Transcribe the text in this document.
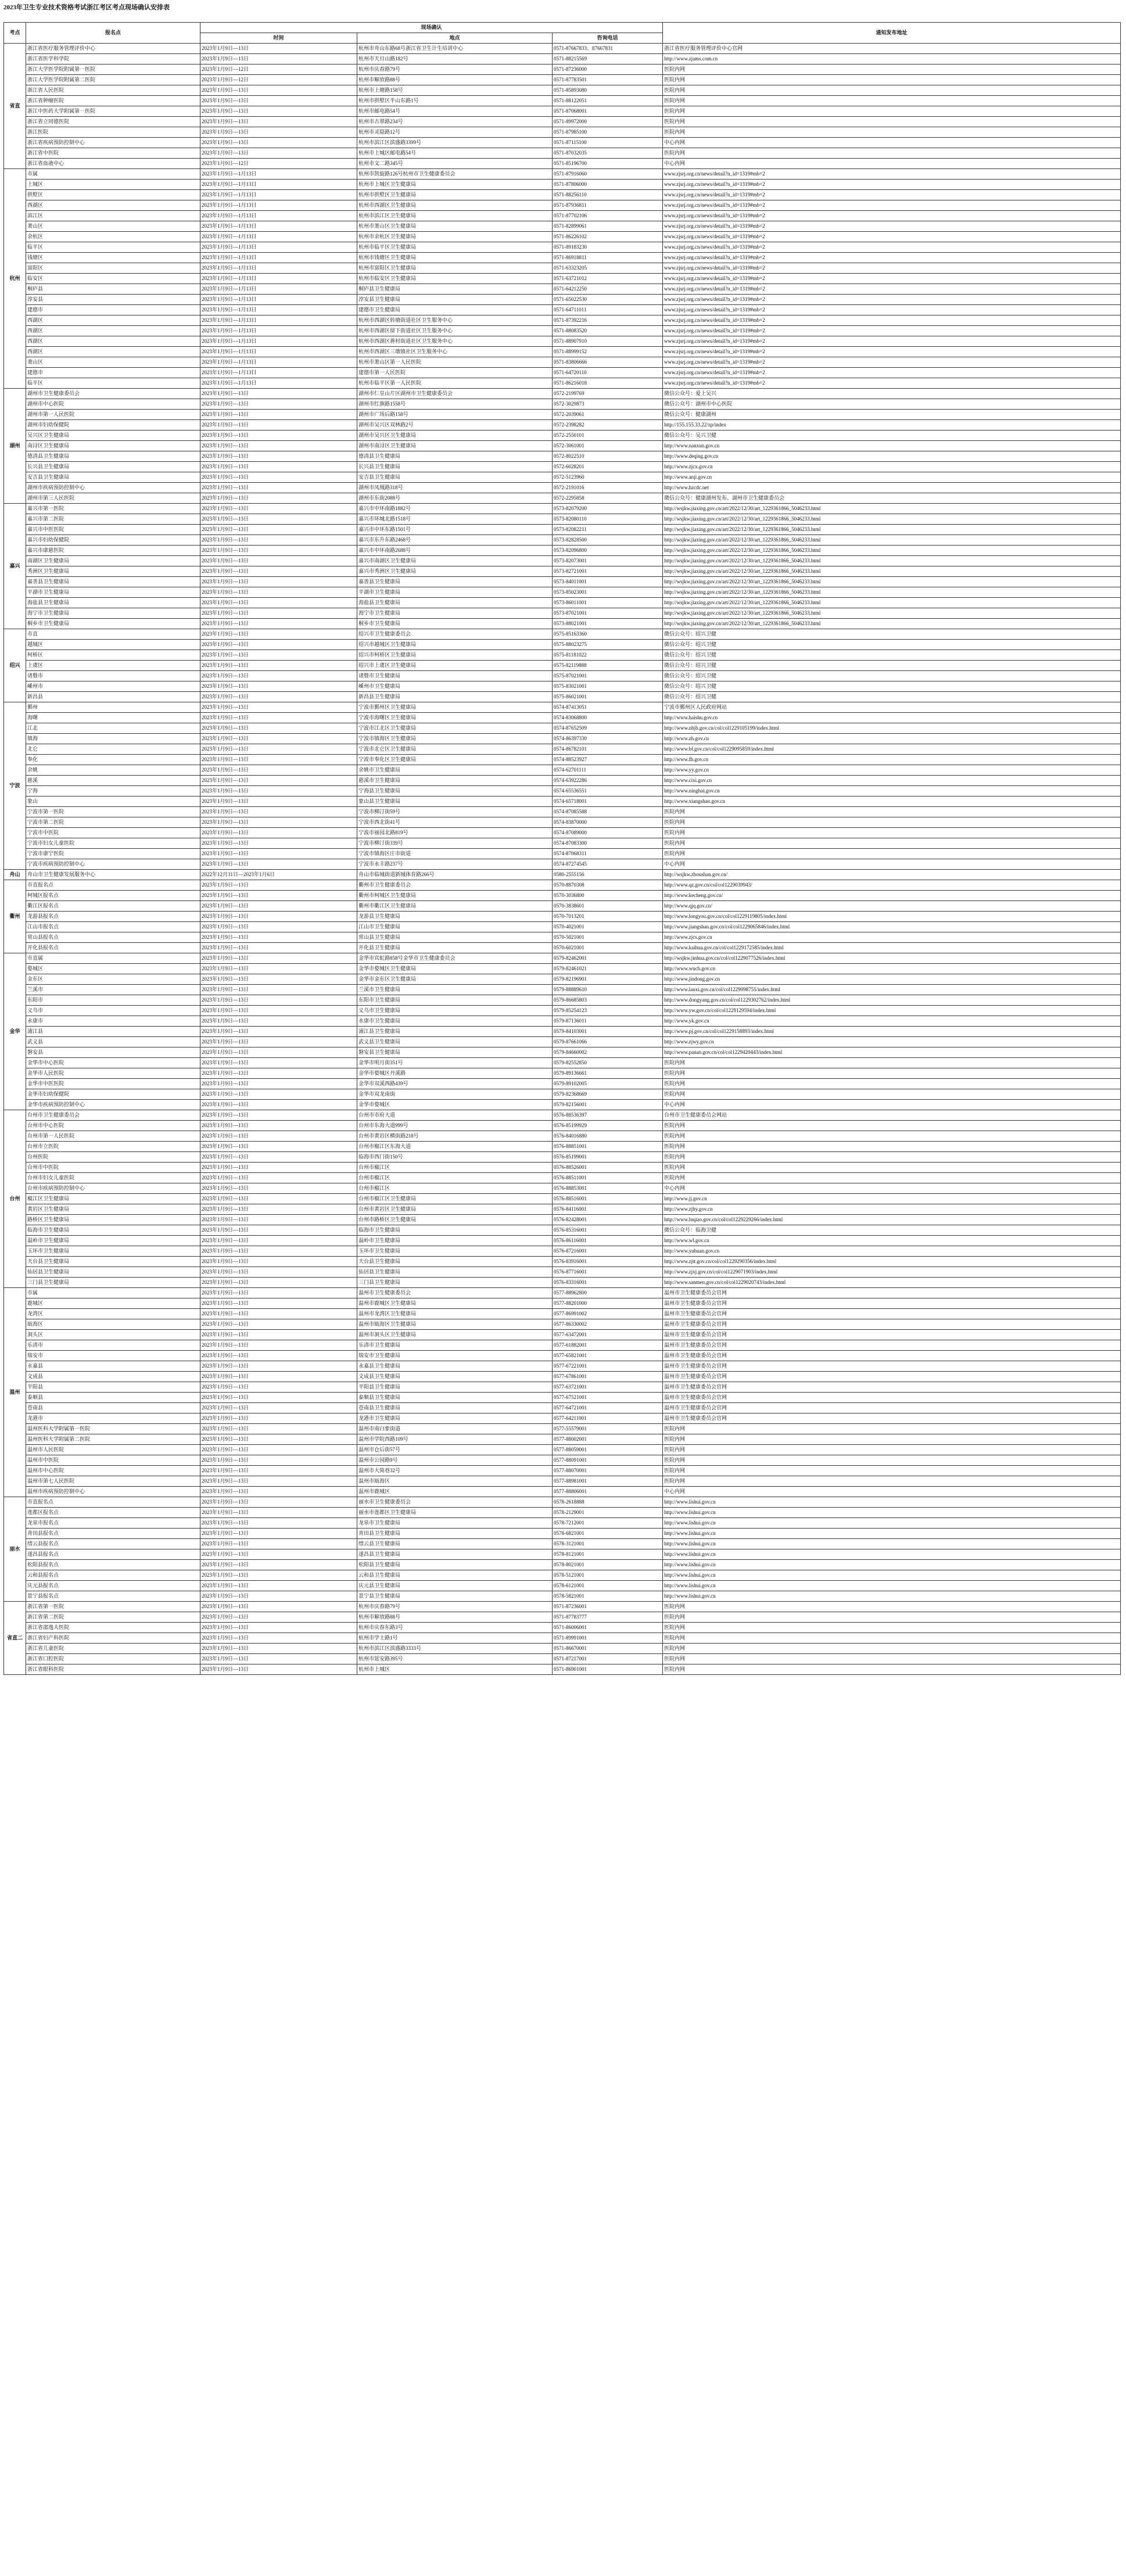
2023年卫生专业技术资格考试浙江考区考点现场确认安排表
考点	报名点	现场确认			通知发布地址
		时间	地点	咨询电话	
省直	浙江省医疗服务管理评价中心	2023年1月9日—13日	杭州市舟山东路68号浙江省卫生计生培训中心	0571-87667833、87667831	浙江省医疗服务管理评价中心官网
	浙江省医学科学院	2023年1月9日—13日	杭州市天目山路182号	0571-88215569	http://www.zjams.com.cn
	浙江大学医学院附属第一医院	2023年1月9日—12日	杭州市庆春路79号	0571-87236000	医院内网
	浙江大学医学院附属第二医院	2023年1月9日—12日	杭州市解放路88号	0571-87783501	医院内网
	浙江省人民医院	2023年1月9日—13日	杭州市上塘路158号	0571-85893080	医院内网
	浙江省肿瘤医院	2023年1月9日—13日	杭州市拱墅区半山东路1号	0571-88122051	医院内网
	浙江中医药大学附属第一医院	2023年1月9日—13日	杭州市邮电路54号	0571-87068001	医院内网
	浙江省立同德医院	2023年1月9日—13日	杭州市古翠路234号	0571-89972000	医院内网
	浙江医院	2023年1月9日—13日	杭州市灵隐路12号	0571-87985100	医院内网
	浙江省疾病预防控制中心	2023年1月9日—13日	杭州市滨江区滨盛路3399号	0571-87115100	中心内网
	浙江省中医院	2023年1月9日—13日	杭州市上城区邮电路54号	0571-87032035	医院内网
	浙江省血液中心	2023年1月9日—12日	杭州市文二路345号	0571-85196700	中心内网
杭州	市属	2023年1月9日—1月13日	杭州市凯旋路126号杭州市卫生健康委员会	0571-87916060	www.zjsrj.org.cn/news/detail?n_id=1319#mb=2
	上城区	2023年1月9日—1月13日	杭州市上城区卫生健康局	0571-87806000	www.zjsrj.org.cn/news/detail?n_id=1319#mb=2
	拱墅区	2023年1月9日—1月13日	杭州市拱墅区卫生健康局	0571-88256110	www.zjsrj.org.cn/news/detail?n_id=1319#mb=2
	西湖区	2023年1月9日—1月13日	杭州市西湖区卫生健康局	0571-87936811	www.zjsrj.org.cn/news/detail?n_id=1319#mb=2
	滨江区	2023年1月9日—1月13日	杭州市滨江区卫生健康局	0571-87702106	www.zjsrj.org.cn/news/detail?n_id=1319#mb=2
	萧山区	2023年1月9日—1月13日	杭州市萧山区卫生健康局	0571-82899061	www.zjsrj.org.cn/news/detail?n_id=1319#mb=2
	余杭区	2023年1月9日—1月13日	杭州市余杭区卫生健康局	0571-86226102	www.zjsrj.org.cn/news/detail?n_id=1319#mb=2
	临平区	2023年1月9日—1月13日	杭州市临平区卫生健康局	0571-89183230	www.zjsrj.org.cn/news/detail?n_id=1319#mb=2
	钱塘区	2023年1月9日—1月13日	杭州市钱塘区卫生健康局	0571-86918811	www.zjsrj.org.cn/news/detail?n_id=1319#mb=2
	富阳区	2023年1月9日—1月13日	杭州市富阳区卫生健康局	0571-63323205	www.zjsrj.org.cn/news/detail?n_id=1319#mb=2
	临安区	2023年1月9日—1月13日	杭州市临安区卫生健康局	0571-63721012	www.zjsrj.org.cn/news/detail?n_id=1319#mb=2
	桐庐县	2023年1月9日—1月13日	桐庐县卫生健康局	0571-64212250	www.zjsrj.org.cn/news/detail?n_id=1319#mb=2
	淳安县	2023年1月9日—1月13日	淳安县卫生健康局	0571-65022530	www.zjsrj.org.cn/news/detail?n_id=1319#mb=2
	建德市	2023年1月9日—1月13日	建德市卫生健康局	0571-64711011	www.zjsrj.org.cn/news/detail?n_id=1319#mb=2
	西湖区	2023年1月9日—1月13日	杭州市西湖区转塘街道社区卫生服务中心	0571-87392216	www.zjsrj.org.cn/news/detail?n_id=1319#mb=2
	西湖区	2023年1月9日—1月13日	杭州市西湖区留下街道社区卫生服务中心	0571-88083520	www.zjsrj.org.cn/news/detail?n_id=1319#mb=2
	西湖区	2023年1月9日—1月13日	杭州市西湖区蒋村街道社区卫生服务中心	0571-88907910	www.zjsrj.org.cn/news/detail?n_id=1319#mb=2
	西湖区	2023年1月9日—1月13日	杭州市西湖区三墩镇社区卫生服务中心	0571-88999152	www.zjsrj.org.cn/news/detail?n_id=1319#mb=2
	萧山区	2023年1月9日—1月13日	杭州市萧山区第一人民医院	0571-83806666	www.zjsrj.org.cn/news/detail?n_id=1319#mb=2
	建德市	2023年1月9日—1月13日	建德市第一人民医院	0571-64720110	www.zjsrj.org.cn/news/detail?n_id=1319#mb=2
	临平区	2023年1月9日—1月13日	杭州市临平区第一人民医院	0571-86216018	www.zjsrj.org.cn/news/detail?n_id=1319#mb=2
湖州	湖州市卫生健康委员会	2023年1月9日—13日	湖州市仁皇山片区湖州市卫生健康委员会	0572-2199769	微信公众号：爱上吴兴
	湖州市中心医院	2023年1月9日—13日	湖州市红旗路1558号	0572-3029873	微信公众号：湖州市中心医院
	湖州市第一人民医院	2023年1月9日—13日	湖州市广场后路158号	0572-2039061	微信公众号：健康湖州
	湖州市妇幼保健院	2023年1月9日—13日	湖州市吴兴区双林路2号	0572-2398282	http://155.155.33.22/zp/index
	吴兴区卫生健康局	2023年1月9日—13日	湖州市吴兴区卫生健康局	0572-2550101	微信公众号：吴兴卫健
	南浔区卫生健康局	2023年1月9日—13日	湖州市南浔区卫生健康局	0572-3061001	http://www.nanxun.gov.cn
	德清县卫生健康局	2023年1月9日—13日	德清县卫生健康局	0572-8022510	http://www.deqing.gov.cn
	长兴县卫生健康局	2023年1月9日—13日	长兴县卫生健康局	0572-6028201	http://www.zjcx.gov.cn
	安吉县卫生健康局	2023年1月9日—13日	安吉县卫生健康局	0572-5123960	http://www.anji.gov.cn
	湖州市疾病预防控制中心	2023年1月9日—13日	湖州市凤凰路318号	0572-2191016	http://www.hzcdc.net
	湖州市第三人民医院	2023年1月9日—13日	湖州市东街2088号	0572-2295858	微信公众号：健康湖州发布、湖州市卫生健康委员会
嘉兴	嘉兴市第一医院	2023年1月9日—13日	嘉兴市中环南路1882号	0573-82079200	http://wsjkw.jiaxing.gov.cn/art/2022/12/30/art_1229361866_5046233.html
	嘉兴市第二医院	2023年1月9日—13日	嘉兴市环城北路1518号	0573-82080110	http://wsjkw.jiaxing.gov.cn/art/2022/12/30/art_1229361866_5046233.html
	嘉兴市中医医院	2023年1月9日—13日	嘉兴市中环东路1501号	0573-82082211	http://wsjkw.jiaxing.gov.cn/art/2022/12/30/art_1229361866_5046233.html
	嘉兴市妇幼保健院	2023年1月9日—13日	嘉兴市东升东路2468号	0573-82828500	http://wsjkw.jiaxing.gov.cn/art/2022/12/30/art_1229361866_5046233.html
	嘉兴市康慈医院	2023年1月9日—13日	嘉兴市中环南路2688号	0573-82096800	http://wsjkw.jiaxing.gov.cn/art/2022/12/30/art_1229361866_5046233.html
	南湖区卫生健康局	2023年1月9日—13日	嘉兴市南湖区卫生健康局	0573-82073001	http://wsjkw.jiaxing.gov.cn/art/2022/12/30/art_1229361866_5046233.html
	秀洲区卫生健康局	2023年1月9日—13日	嘉兴市秀洲区卫生健康局	0573-82721001	http://wsjkw.jiaxing.gov.cn/art/2022/12/30/art_1229361866_5046233.html
	嘉善县卫生健康局	2023年1月9日—13日	嘉善县卫生健康局	0573-84011001	http://wsjkw.jiaxing.gov.cn/art/2022/12/30/art_1229361866_5046233.html
	平湖市卫生健康局	2023年1月9日—13日	平湖市卫生健康局	0573-85023001	http://wsjkw.jiaxing.gov.cn/art/2022/12/30/art_1229361866_5046233.html
	海盐县卫生健康局	2023年1月9日—13日	海盐县卫生健康局	0573-86011001	http://wsjkw.jiaxing.gov.cn/art/2022/12/30/art_1229361866_5046233.html
	海宁市卫生健康局	2023年1月9日—13日	海宁市卫生健康局	0573-87021001	http://wsjkw.jiaxing.gov.cn/art/2022/12/30/art_1229361866_5046233.html
	桐乡市卫生健康局	2023年1月9日—13日	桐乡市卫生健康局	0573-88021001	http://wsjkw.jiaxing.gov.cn/art/2022/12/30/art_1229361866_5046233.html
绍兴	市直	2023年1月9日—13日	绍兴市卫生健康委员会	0575-85163360	微信公众号：绍兴卫健
	越城区	2023年1月9日—13日	绍兴市越城区卫生健康局	0575-88023275	微信公众号：绍兴卫健
	柯桥区	2023年1月9日—13日	绍兴市柯桥区卫生健康局	0575-81181022	微信公众号：绍兴卫健
	上虞区	2023年1月9日—13日	绍兴市上虞区卫生健康局	0575-82119888	微信公众号：绍兴卫健
	诸暨市	2023年1月9日—13日	诸暨市卫生健康局	0575-87021001	微信公众号：绍兴卫健
	嵊州市	2023年1月9日—13日	嵊州市卫生健康局	0575-83021001	微信公众号：绍兴卫健
	新昌县	2023年1月9日—13日	新昌县卫生健康局	0575-86021001	微信公众号：绍兴卫健
宁波	鄞州	2023年1月9日—13日	宁波市鄞州区卫生健康局	0574-87413051	宁波市鄞州区人民政府网站
	海曙	2023年1月9日—13日	宁波市海曙区卫生健康局	0574-83068800	http://www.haishu.gov.cn
	江北	2023年1月9日—13日	宁波市江北区卫生健康局	0574-87652509	http://www.nbjb.gov.cn/col/col1229105199/index.html
	镇海	2023年1月9日—13日	宁波市镇海区卫生健康局	0574-86397330	http://www.zh.gov.cn
	北仑	2023年1月9日—13日	宁波市北仑区卫生健康局	0574-86782101	http://www.bl.gov.cn/col/col1229095859/index.html
	奉化	2023年1月9日—13日	宁波市奉化区卫生健康局	0574-88523927	http://www.fh.gov.cn
	余姚	2023年1月9日—13日	余姚市卫生健康局	0574-62701111	http://www.yy.gov.cn
	慈溪	2023年1月9日—13日	慈溪市卫生健康局	0574-63922286	http://www.cixi.gov.cn
	宁海	2023年1月9日—13日	宁海县卫生健康局	0574-65536551	http://www.ninghai.gov.cn
	象山	2023年1月9日—13日	象山县卫生健康局	0574-65718001	http://www.xiangshan.gov.cn
	宁波市第一医院	2023年1月9日—13日	宁波市柳汀街59号	0574-87085588	医院内网
	宁波市第二医院	2023年1月9日—13日	宁波市西北街41号	0574-83870000	医院内网
	宁波市中医院	2023年1月9日—13日	宁波市丽园北路819号	0574-87089000	医院内网
	宁波市妇女儿童医院	2023年1月9日—13日	宁波市柳汀街339号	0574-87083300	医院内网
	宁波市康宁医院	2023年1月9日—13日	宁波市镇海区庄市街道	0574-87068311	医院内网
	宁波市疾病预防控制中心	2023年1月9日—13日	宁波市永丰路237号	0574-87274545	中心内网
舟山	舟山市卫生健康发展服务中心	2022年12月31日—2023年1月6日	舟山市临城街道新城体育路266号	0580-2555156	http://wsjkw.zhoushan.gov.cn/
衢州	市直报名点	2023年1月9日—13日	衢州市卫生健康委员会	0570-8870308	http://www.qz.gov.cn/col/col1229039943/
	柯城区报名点	2023年1月9日—13日	衢州市柯城区卫生健康局	0570-3036800	http://www.kecheng.gov.cn/
	衢江区报名点	2023年1月9日—13日	衢州市衢江区卫生健康局	0570-3838601	http://www.qjq.gov.cn/
	龙游县报名点	2023年1月9日—13日	龙游县卫生健康局	0570-7013201	http://www.longyou.gov.cn/col/col1229119805/index.html
	江山市报名点	2023年1月9日—13日	江山市卫生健康局	0570-4021001	http://www.jiangshan.gov.cn/col/col1229065846/index.html
	常山县报名点	2023年1月9日—13日	常山县卫生健康局	0570-5021001	http://www.zjcs.gov.cn
	开化县报名点	2023年1月9日—13日	开化县卫生健康局	0570-6021001	http://www.kaihua.gov.cn/col/col1229172585/index.html
金华	市直属	2023年1月9日—13日	金华市宾虹路858号金华市卫生健康委员会	0579-82462001	http://wsjkw.jinhua.gov.cn/col/col1229077526/index.html
	婺城区	2023年1月9日—13日	金华市婺城区卫生健康局	0579-82461021	http://www.wuch.gov.cn
	金东区	2023年1月9日—13日	金华市金东区卫生健康局	0579-82196901	http://www.jindong.gov.cn
	兰溪市	2023年1月9日—13日	兰溪市卫生健康局	0579-88889610	http://www.lanxi.gov.cn/col/col1229098755/index.html
	东阳市	2023年1月9日—13日	东阳市卫生健康局	0579-86685803	http://www.dongyang.gov.cn/col/col1229302762/index.html
	义乌市	2023年1月9日—13日	义乌市卫生健康局	0579-85254123	http://www.yw.gov.cn/col/col1229129594/index.html
	永康市	2023年1月9日—13日	永康市卫生健康局	0579-87136011	http://www.yk.gov.cn
	浦江县	2023年1月9日—13日	浦江县卫生健康局	0579-84103001	http://www.pj.gov.cn/col/col1229158893/index.html
	武义县	2023年1月9日—13日	武义县卫生健康局	0579-87661066	http://www.zjwy.gov.cn
	磐安县	2023年1月9日—13日	磐安县卫生健康局	0579-84660002	http://www.panan.gov.cn/col/col1229420443/index.html
	金华市中心医院	2023年1月9日—13日	金华市明月街351号	0579-82552850	医院内网
	金华市人民医院	2023年1月9日—13日	金华市婺城区丹溪路	0579-89136661	医院内网
	金华市中医医院	2023年1月9日—13日	金华市双溪西路439号	0579-89102005	医院内网
	金华市妇幼保健院	2023年1月9日—13日	金华市双龙南街	0579-82368669	医院内网
	金华市疾病预防控制中心	2023年1月9日—13日	金华市婺城区	0579-82156001	中心内网
台州	台州市卫生健康委员会	2023年1月9日—13日	台州市市府大道	0576-88536397	台州市卫生健康委员会网站
	台州市中心医院	2023年1月9日—13日	台州市东海大道999号	0576-85199929	医院内网
	台州市第一人民医院	2023年1月9日—13日	台州市黄岩区横街路218号	0576-84016880	医院内网
	台州市立医院	2023年1月9日—13日	台州市椒江区东海大道	0576-88851001	医院内网
	台州医院	2023年1月9日—13日	临海市西门街150号	0576-85199001	医院内网
	台州市中医院	2023年1月9日—13日	台州市椒江区	0576-88526001	医院内网
	台州市妇女儿童医院	2023年1月9日—13日	台州市椒江区	0576-88511001	医院内网
	台州市疾病预防控制中心	2023年1月9日—13日	台州市椒江区	0576-88853001	中心内网
	椒江区卫生健康局	2023年1月9日—13日	台州市椒江区卫生健康局	0576-88516001	http://www.jj.gov.cn
	黄岩区卫生健康局	2023年1月9日—13日	台州市黄岩区卫生健康局	0576-84116001	http://www.zjhy.gov.cn
	路桥区卫生健康局	2023年1月9日—13日	台州市路桥区卫生健康局	0576-82428001	http://www.luqiao.gov.cn/col/col1229229266/index.html
	临海市卫生健康局	2023年1月9日—13日	临海市卫生健康局	0576-85316001	微信公众号：临海卫健
	温岭市卫生健康局	2023年1月9日—13日	温岭市卫生健康局	0576-86116001	http://www.wl.gov.cn
	玉环市卫生健康局	2023年1月9日—13日	玉环市卫生健康局	0576-87216001	http://www.yuhuan.gov.cn
	天台县卫生健康局	2023年1月9日—13日	天台县卫生健康局	0576-83916001	http://www.zjtt.gov.cn/col/col1229290356/index.html
	仙居县卫生健康局	2023年1月9日—13日	仙居县卫生健康局	0576-87716001	http://www.zjxj.gov.cn/col/col1229071903/index.html
	三门县卫生健康局	2023年1月9日—13日	三门县卫生健康局	0576-83316001	http://www.sanmen.gov.cn/col/col1229020743/index.html
温州	市属	2023年1月9日—13日	温州市卫生健康委员会	0577-88962800	温州市卫生健康委员会官网
	鹿城区	2023年1月9日—13日	温州市鹿城区卫生健康局	0577-88201000	温州市卫生健康委员会官网
	龙湾区	2023年1月9日—13日	温州市龙湾区卫生健康局	0577-86991002	温州市卫生健康委员会官网
	瓯海区	2023年1月9日—13日	温州市瓯海区卫生健康局	0577-86330002	温州市卫生健康委员会官网
	洞头区	2023年1月9日—13日	温州市洞头区卫生健康局	0577-63472001	温州市卫生健康委员会官网
	乐清市	2023年1月9日—13日	乐清市卫生健康局	0577-61882001	温州市卫生健康委员会官网
	瑞安市	2023年1月9日—13日	瑞安市卫生健康局	0577-65821001	温州市卫生健康委员会官网
	永嘉县	2023年1月9日—13日	永嘉县卫生健康局	0577-67221001	温州市卫生健康委员会官网
	文成县	2023年1月9日—13日	文成县卫生健康局	0577-67861001	温州市卫生健康委员会官网
	平阳县	2023年1月9日—13日	平阳县卫生健康局	0577-63721001	温州市卫生健康委员会官网
	泰顺县	2023年1月9日—13日	泰顺县卫生健康局	0577-67521001	温州市卫生健康委员会官网
	苍南县	2023年1月9日—13日	苍南县卫生健康局	0577-64721001	温州市卫生健康委员会官网
	龙港市	2023年1月9日—13日	龙港市卫生健康局	0577-64211001	温州市卫生健康委员会官网
	温州医科大学附属第一医院	2023年1月9日—13日	温州市南白象街道	0577-55579001	医院内网
	温州医科大学附属第二医院	2023年1月9日—13日	温州市学院西路109号	0577-88002001	医院内网
	温州市人民医院	2023年1月9日—13日	温州市仓后街57号	0577-88059001	医院内网
	温州市中医院	2023年1月9日—13日	温州市公园路9号	0577-88091001	医院内网
	温州市中心医院	2023年1月9日—13日	温州市大简巷32号	0577-88070001	医院内网
	温州市第七人民医院	2023年1月9日—13日	温州市瓯海区	0577-88981001	医院内网
	温州市疾病预防控制中心	2023年1月9日—13日	温州市鹿城区	0577-88806001	中心内网
丽水	市直报名点	2023年1月9日—13日	丽水市卫生健康委员会	0578-2618888	http://www.lishui.gov.cn
	莲都区报名点	2023年1月9日—13日	丽水市莲都区卫生健康局	0578-2129001	http://www.lishui.gov.cn
	龙泉市报名点	2023年1月9日—13日	龙泉市卫生健康局	0578-7212001	http://www.lishui.gov.cn
	青田县报名点	2023年1月9日—13日	青田县卫生健康局	0578-6821001	http://www.lishui.gov.cn
	缙云县报名点	2023年1月9日—13日	缙云县卫生健康局	0578-3121001	http://www.lishui.gov.cn
	遂昌县报名点	2023年1月9日—13日	遂昌县卫生健康局	0578-8121001	http://www.lishui.gov.cn
	松阳县报名点	2023年1月9日—13日	松阳县卫生健康局	0578-8021001	http://www.lishui.gov.cn
	云和县报名点	2023年1月9日—13日	云和县卫生健康局	0578-5121001	http://www.lishui.gov.cn
	庆元县报名点	2023年1月9日—13日	庆元县卫生健康局	0578-6121001	http://www.lishui.gov.cn
	景宁县报名点	2023年1月9日—13日	景宁县卫生健康局	0578-5821001	http://www.lishui.gov.cn
省直二	浙江省第一医院	2023年1月9日—13日	杭州市庆春路79号	0571-87236001	医院内网
	浙江省第二医院	2023年1月9日—13日	杭州市解放路88号	0571-87783777	医院内网
	浙江省邵逸夫医院	2023年1月9日—13日	杭州市庆春东路3号	0571-86006001	医院内网
	浙江省妇产科医院	2023年1月9日—13日	杭州市学士路1号	0571-89991001	医院内网
	浙江省儿童医院	2023年1月9日—13日	杭州市滨江区滨盛路3333号	0571-86670001	医院内网
	浙江省口腔医院	2023年1月9日—13日	杭州市延安路395号	0571-87217001	医院内网
	浙江省眼科医院	2023年1月9日—13日	杭州市上城区	0571-86901001	医院内网
